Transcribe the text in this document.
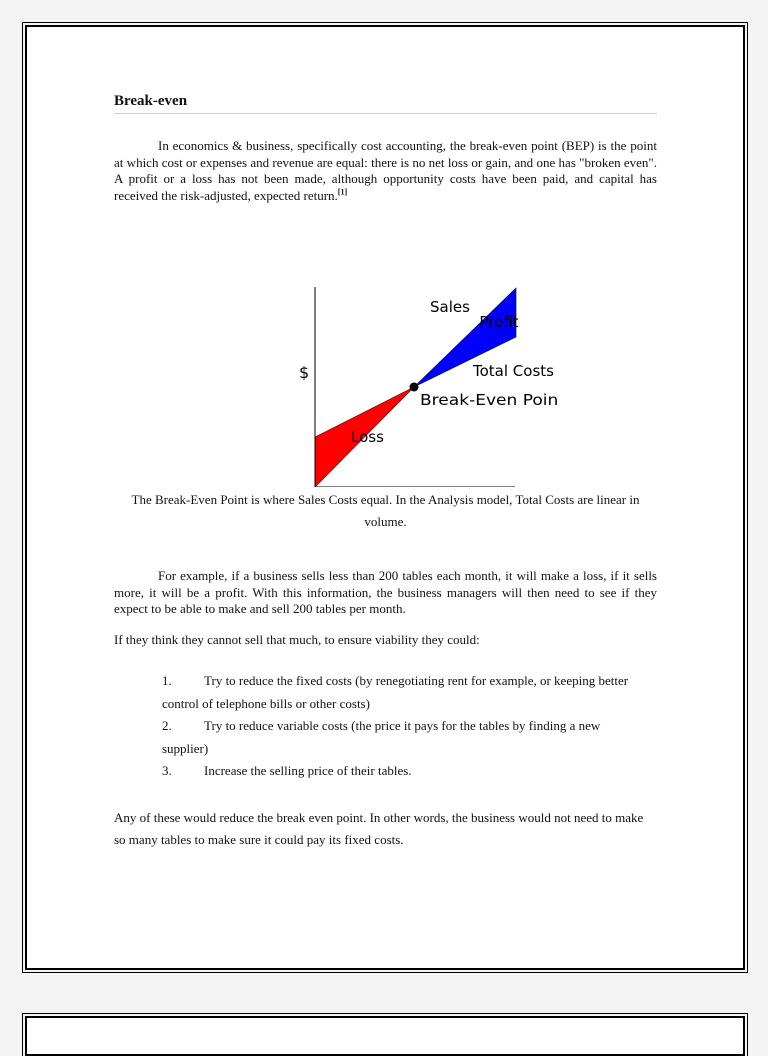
Break-even

In economics & business, specifically cost accounting, the break-even point (BEP) is the point at which cost or expenses and revenue are equal: there is no net loss or gain, and one has "broken even". A profit or a loss has not been made, although opportunity costs have been paid, and capital has received the risk-adjusted, expected return.[1]

$
Sales
Profit
Total Costs
Break-Even Point
Loss

The Break-Even Point is where Sales Costs equal. In the Analysis model, Total Costs are linear in volume.

For example, if a business sells less than 200 tables each month, it will make a loss, if it sells more, it will be a profit. With this information, the business managers will then need to see if they expect to be able to make and sell 200 tables per month.

If they think they cannot sell that much, to ensure viability they could:

1. Try to reduce the fixed costs (by renegotiating rent for example, or keeping better control of telephone bills or other costs)

2. Try to reduce variable costs (the price it pays for the tables by finding a new supplier)

3. Increase the selling price of their tables.

Any of these would reduce the break even point. In other words, the business would not need to make so many tables to make sure it could pay its fixed costs.
